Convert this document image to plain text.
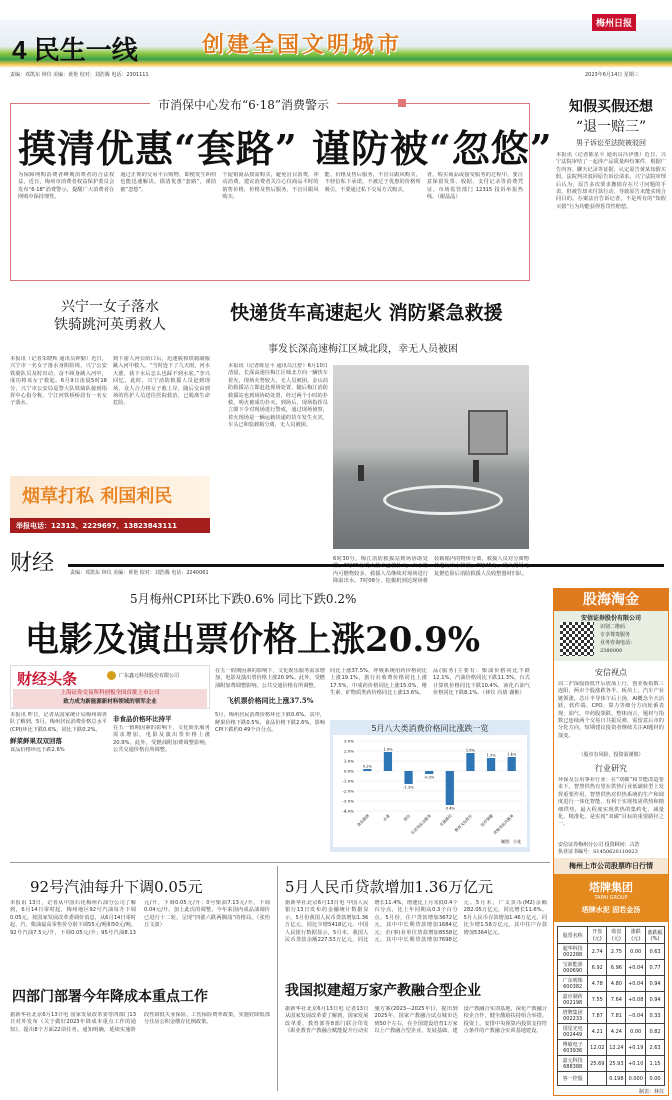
4 民生一线	创建全国文明城市
梅州日报
责编：邓凯东 林仪 美编：黄艳 校对：刘浩腾 电话：2301111	2023年6月14日 星期三
市消保中心发布“6·18”消费警示
摸清优惠“套路” 谨防被“忽悠”

为保障网购消费者峰期消费者的合法权益，近日，梅州市消费者权益保护委员会发布“6·18”消费警示，提醒广大消费者在网购中保持理性。

通过正规的交易平台购物，即便发生纠纷也能迅速解决。摸清优惠“套路”，谨防被“忽悠”。

干促销商品按需购买，避免盲目消费，冲动消费。建议消费者关注心仪商品平时的销售价格，价格及售后服务，不盲目跟风购买。

能、价格及售后服务，不盲目跟风购买，不轻信私下承诺，不被过于优惠的价格所吸引，不要通过私下交易方式购买。

者，购买商品或接受服务的过程中，要注意保留发票、收据、支付记录等消费凭证。市场监管部门 12315 投诉举报热线。（谢晶晶）

知假买假还想
“退一赔三”
男子诉讼至法院被驳回

本报讯（记者陈星平 通讯员冯伊惠）近日，兴宁法院审结了一起涉产品质量纠纷案件，根据广告内容、聊天记录等证据，认定原告黄某知假买假，法院判决驳回原告诉讼请求。兴宁法院审理后认为，原告多次要求撤销存在尺寸问题的手表，但被告却未付款行动，导致原告未能实现合同目的。办案法官告诉记者，不是所有的“知假买假”行为均能获得惩罚性赔偿。

兴宁一女子落水
铁骑跳河英勇救人

本报讯（记者朱晓辉 通讯员钟勤）近日，兴宁市一名女子落水身陷险境，兴宁公安铁骑队员及时出动，奋不顾身跳入河中，成功将该女子救起。6月9日凌晨5时18分，兴宁市公安局巡警大队铁骑队接到指挥中心指令称，宁江河铁桥桥段有一名女子落水。

到下游人河台阶口后，迅速脱掉铁骑制服跳入河中救人。“当时连下了几天雨，河水大涨，我下水后怎么也踩不到水底。”李兴回忆。此时，兴宁消防救援人员赶到现场，众人合力将女子救上岸，随后交由到场的医护人员送往医院救治，已脱离生命危险。

烟草打私 利国利民
举报电话：12313、2229697、13823843111
快递货车高速起火 消防紧急救援
事发长深高速梅江区城北段，幸无人员被困

本报讯（记者陈星平 通讯员江舒）6月10日清晨，长深高速往梅江区城北方向一辆快车着火，现场火势较大，无人员被困。金山消防救援站立即赶赴现场处置，随后梅江消防救援站也到场协助处置，经过两个小时的扑救，明火被成功扑灭。到场后，现场指挥员立即下令对现场进行警戒，通过现场侦察，着火现场是一辆运载快递的货车发生火灾，车头已和装载箱分离，无人员被困。

6时30分，梅江消防救援站到场协助处 内可燃物较多，救援人员继续对现场进行降温出水。7时08分，挖掘机到达现场将装载箱内的物体分离，救援人员对分离物 复燃危险后消防救援人员收整器材归队。

财经	责编：邓凯东 林仪 美编：黄艳 校对：刘浩腾 电话：2240061
5月梅州CPI环比下跌0.6% 同比下跌0.2%
电影及演出票价格上涨20.9%
财经头条	广东鑫元科技股份有限公司
上海证券交易所科创板全国首批上市公司
致力成为新能源新材料领域的领军企业

本报讯 昨日，记者从国家统计局梅州调查队了解到，5月，梅州居民消费价格总水平(CPI)环比下跌0.6%，同比下跌0.2%。

鲜菜鲜果双双回落

食品价格环比下跌2.6%

非食品价格环比持平

在五一假期因素的影响下，文化娱乐服务需求增加，电影及演出票价格上涨20.9%。此外，受燃油附加费调整影响，公共交通价格有所调整。

在五一假期因素的影响下，文化娱乐服务需求增加，电影及演出票价格上涨20.9%。此外，受燃油附加费调整影响，公共交通价格有所调整。

飞机票价格同比上涨37.5%

5月，梅州居民消费价格环比下跌0.6%。其中，鲜果价格下跌0.5%，食品价格下跌2.6%，影响CPI下跌约0.49个百分点。

同比上涨37.5%，呼吸系统用药价格同比上涨19.1%，旅行社收费价格同比上涨17.5%，中成药价格同比上涨15.0%，维生素、矿物质类药价格同比上涨13.6%。

品(服务)主要有：柴油价格同比下跌12.1%，汽油价格同比下跌11.3%，台式计算机价格同比下跌10.4%，液化石油气价格同比下跌8.1%。（林仪 冯倩 谢彬）

5月八大类消费价格同比涨跌一览
3.0%
2.0%
1.0%
0.0%
-1.0%
-2.0%
-3.0%
-4.0%
0.2%
食品烟酒
1.9%
衣着
-1.3%
居住
-0.3%
生活用品及服务
-3.4%
交通通信
1.8%
教育文化娱乐
1.3%
医疗保健
1.4%
其他用品及服务
制图：小花
92号汽油每升下调0.05元

本报讯 13日，记者从中国石化梅州石油分公司了解到，6月14日零时起，梅州地区92号汽油每升下调0.05元。按国家发展改革委调价消息，从6月14日零时起，汽、柴油最高零售价分别下调55元/吨和50元/吨。92号汽油7.5元/升，下调0.05元/升；95号汽油8.13元/升，下调0.05元/升；0号柴油7.13元/升，下调0.04元/升。加上此次的调整，今年来国内成品油调价已进行十二轮，呈现“四涨六跌两搁浅”的格局。（张怡 丘文波）

四部门部署今年降成本重点工作

据新华社北京6月13日电 国家发展改革委等四部门13日对外发布《关于做好2023年降成本重点工作的通知》，提出8个方面22项任务。通知明确，延续实施阶段性降低失业保险、工伤保险费率政策，实施好降低部分住房公积金缴存比例政策。

5月人民币贷款增加1.36万亿元

据新华社北京6月13日电 中国人民银行13日发布的金融统计数据显示，5月份我国人民币贷款增加1.36万亿元，同比少增5418亿元。中国人民银行数据显示，5月末，我国人民币贷款余额227.53万亿元，同比增长11.4%，增速比上月末低0.4个百分点，比上年同期高0.3个百分点。5月份，住户贷款增加3672亿元，其中中长期贷款增加1684亿元；企(事)业单位贷款增加8558亿元，其中中长期贷款增加7698亿元。5月末，广义货币(M2)余额282.05万亿元，同比增长11.6%。5月人民币存款增加1.46万亿元，同比少增1.58万亿元。其中住户存款增加5364亿元。

我国拟建超万家产教融合型企业

据新华社北京6月13日电 记者13日从国家发展改革委了解到，国家发展改革委、教育部等8部门联合印发《职业教育产教融合赋能提升行动实施方案(2023—2025年)》，提出到2025年，国家产教融合试点城市达到50个左右，在全国建设培育1万家以上产教融合型企业。发展基础，建设产教融合实训基地，深化产教融合校企合作，健全激励扶持组合举措。投资上，安排中央预算内投资支持符合条件的产教融合实训基地建设。

股海淘金
安信证券股份有限公司
识别二维码
专享尊贵服务
业务咨询电话：
2380000
安信视点

周二沪深股指低开后震荡上行，创业板指数三连阳，两市个股涨跌各半。板块上，汽车产业链领涨，芯片半导体午后上扬，AI概念全天活跃，软件端、CPO、算力等细分方向轮番表现，油气、中药股领跌。整体而言，题材与指数已连续两个交易日共振反弹，需留意后市的分化方向，短期建议投资者继续关注AI题材的演变。

（股市有风险，投资需谨慎）
行业研究

环保及公用事业行业：在“双碳”和节能改造要求下，智慧供热有望在供热行业低碳转型上发挥重要作用。智慧供热对供热系统的生产和调度进行一体化智能，有利于实现按需供热和精细供热，最大程度实现供热的集约化、减量化、精准化，是实现“双碳”目标的重要路径之一。

安信证券梅州分公司 投资顾问：古浩
执业证书编号：S1450620110023
梅州上市公司股票昨日行情
塔牌集团
TAPAI GROUP
塔牌水泥 固若金汤
股票名称	开盘(元)	收盘(元)	涨跌(元)	涨跌幅(%)
超华科技 002288	2.74	2.75	0.00	0.63
宝新能源 000690	6.92	6.96	+0.04	0.77
广东明珠 600382	4.78	4.80	+0.04	0.94
嘉应制药 002198	7.55	7.64	+0.08	0.94
塔牌集团 002233	7.87	7.81	−0.04	0.33
国星光电 002449	4.21	4.24	0.00	0.82
博敏电子 603936	12.02	12.24	+0.19	2.63
嘉元科技 688388	25.69	25.93	+0.10	1.15
客一控股		0.198	0.000	0.00
制表：林仪
